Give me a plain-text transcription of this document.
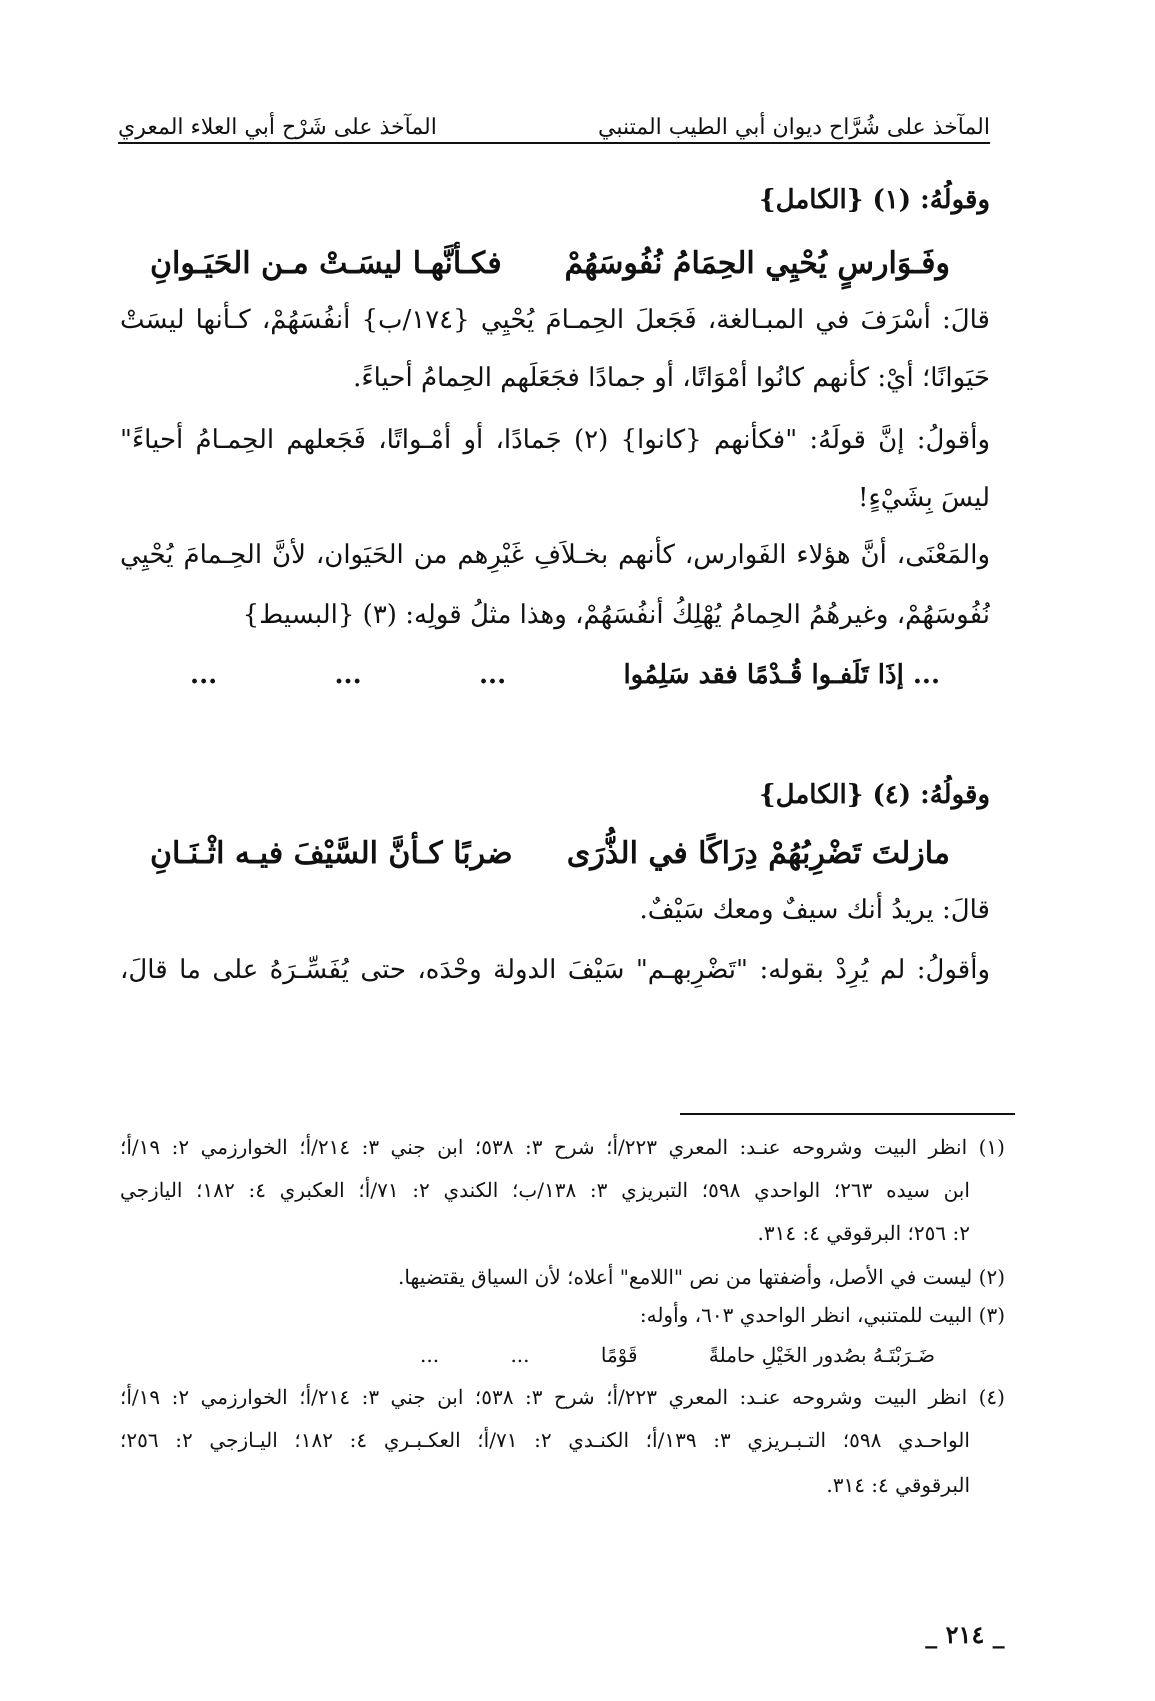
المآخذ على شُرَّاح ديوان أبي الطيب المتنبي
المآخذ على شَرْح أبي العلاء المعري
وقولُهُ: (١) {الكامل}
وفَـوَارسٍ يُحْيِي الحِمَامُ نُفُوسَهُمْ
فكـأنَّهـا ليسَـتْ مـن الحَيَـوانِ
قالَ: أسْرَفَ في المبـالغة، فَجَعلَ الحِمـامَ يُحْيِي {١٧٤/ب} أنفُسَهُمْ، كـأنها ليسَتْ
حَيَوانًا؛ أيْ: كأنهم كانُوا أمْوَاتًا، أو جمادًا فجَعَلَهم الحِمامُ أحياءً.
وأقولُ: إنَّ قولَهُ: "فكأنهم {كانوا} (٢) جَمادًا، أو أمْـواتًا، فَجَعلهم الحِمـامُ أحياءً"
ليسَ بِشَيْءٍ!
والمَعْنَى، أنَّ هؤلاء الفَوارس، كأنهم بخـلاَفِ غَيْرِهم من الحَيَوان، لأنَّ الحِـمامَ يُحْيِي
نُفُوسَهُمْ، وغيرهُمُ الحِمامُ يُهْلِكُ أنفُسَهُمْ، وهذا مثلُ قولِه: (٣) {البسيط}
... إذَا تَلَفـوا قُـدْمًا فقد سَلِمُوا
...
...
...
وقولُهُ: (٤) {الكامل}
مازلتَ تَضْرِبُهُمْ دِرَاكًا في الذُّرَى
ضربًا كـأنَّ السَّيْفَ فيـه اثْـنَـانِ
قالَ: يريدُ أنك سيفٌ ومعك سَيْفٌ.
وأقولُ: لم يُرِدْ بقوله: "تَضْرِبهـم" سَيْفَ الدولة وحْدَه، حتى يُفَسِّـرَهُ على ما قالَ،
(١) انظر البيت وشروحه عنـد: المعري ٢٢٣/أ؛ شرح ٣: ٥٣٨؛ ابن جني ٣: ٢١٤/أ؛ الخوارزمي ٢: ١٩/أ؛
ابن سيده ٢٦٣؛ الواحدي ٥٩٨؛ التبريزي ٣: ١٣٨/ب؛ الكندي ٢: ٧١/أ؛ العكبري ٤: ١٨٢؛ اليازجي
٢: ٢٥٦؛ البرقوقي ٤: ٣١٤.
(٢) ليست في الأصل، وأضفتها من نص "اللامع" أعلاه؛ لأن السياق يقتضيها.
(٣) البيت للمتنبي، انظر الواحدي ٦٠٣، وأوله:
ضَـرَبْتَـهُ بصُدور الخَيْلِ حاملةً
قَوْمًا
...
...
(٤) انظر البيت وشروحه عنـد: المعري ٢٢٣/أ؛ شرح ٣: ٥٣٨؛ ابن جني ٣: ٢١٤/أ؛ الخوارزمي ٢: ١٩/أ؛
الواحـدي ٥٩٨؛ التـبـريزي ٣: ١٣٩/أ؛ الكنـدي ٢: ٧١/أ؛ العكـبـري ٤: ١٨٢؛ اليـازجي ٢: ٢٥٦؛
البرقوقي ٤: ٣١٤.
_ ٢١٤ _
